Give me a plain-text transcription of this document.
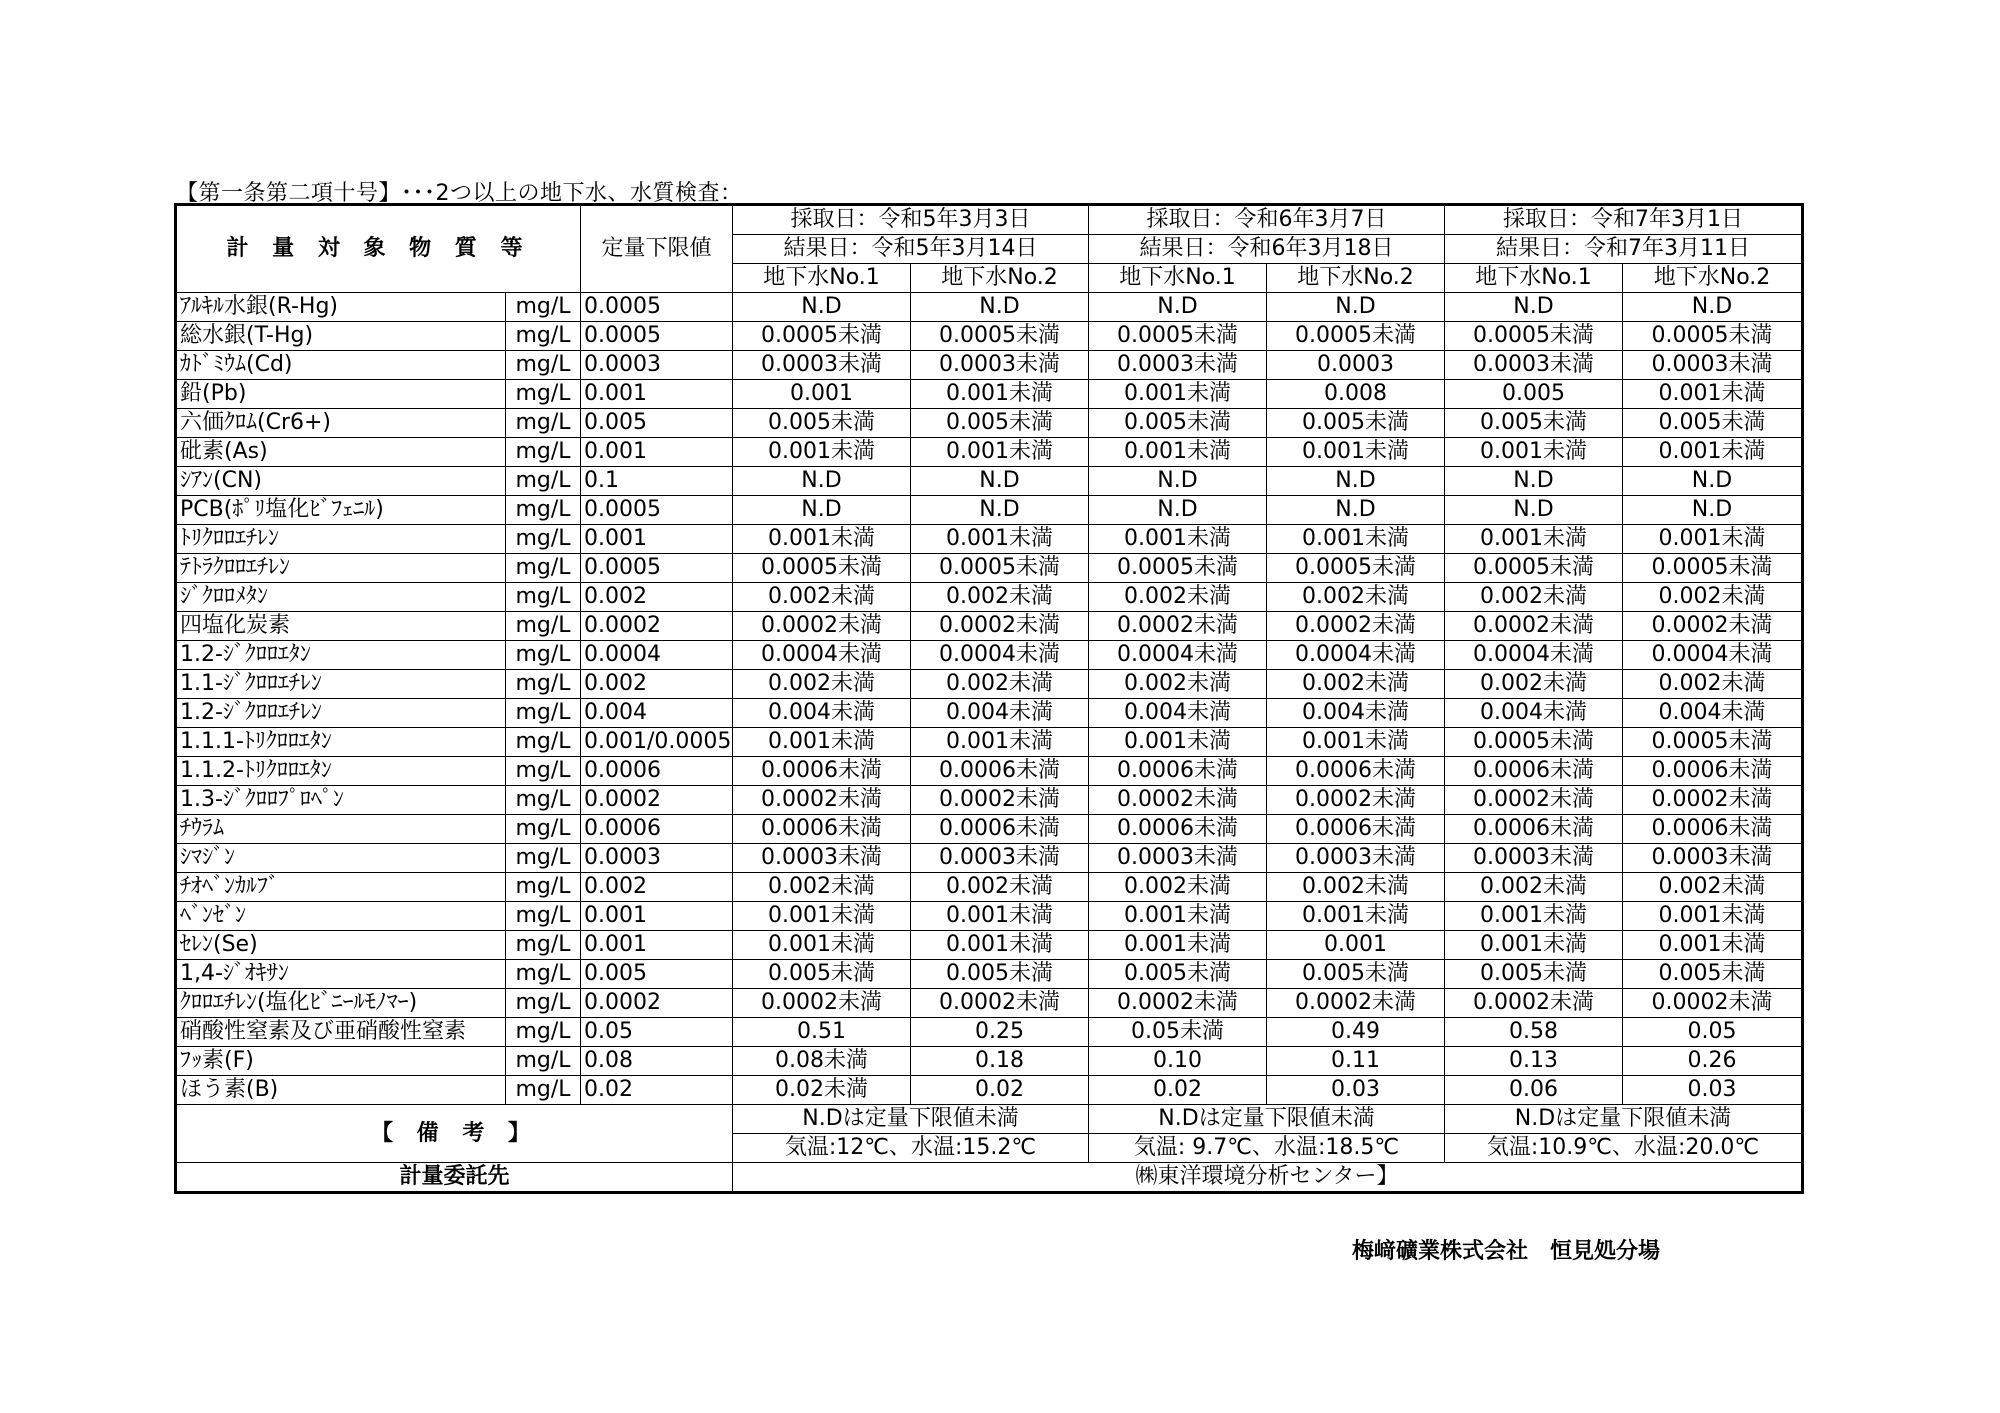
【第一条第二項十号】･･･2つ以上の地下水、水質検査：
計 量 対 象 物 質 等		定量下限値	採取日：令和5年3月3日		採取日：令和6年3月7日		採取日：令和7年3月1日	
			結果日：令和5年3月14日		結果日：令和6年3月18日		結果日：令和7年3月11日	
			地下水No.1	地下水No.2	地下水No.1	地下水No.2	地下水No.1	地下水No.2
ｱﾙｷﾙ水銀(R-Hg)	mg/L	0.0005	N.D	N.D	N.D	N.D	N.D	N.D
総水銀(T-Hg)	mg/L	0.0005	0.0005未満	0.0005未満	0.0005未満	0.0005未満	0.0005未満	0.0005未満
ｶﾄﾞﾐｳﾑ(Cd)	mg/L	0.0003	0.0003未満	0.0003未満	0.0003未満	0.0003	0.0003未満	0.0003未満
鉛(Pb)	mg/L	0.001	0.001	0.001未満	0.001未満	0.008	0.005	0.001未満
六価ｸﾛﾑ(Cr6+)	mg/L	0.005	0.005未満	0.005未満	0.005未満	0.005未満	0.005未満	0.005未満
砒素(As)	mg/L	0.001	0.001未満	0.001未満	0.001未満	0.001未満	0.001未満	0.001未満
ｼｱﾝ(CN)	mg/L	0.1	N.D	N.D	N.D	N.D	N.D	N.D
PCB(ﾎﾟﾘ塩化ﾋﾞﾌｪﾆﾙ)	mg/L	0.0005	N.D	N.D	N.D	N.D	N.D	N.D
ﾄﾘｸﾛﾛｴﾁﾚﾝ	mg/L	0.001	0.001未満	0.001未満	0.001未満	0.001未満	0.001未満	0.001未満
ﾃﾄﾗｸﾛﾛｴﾁﾚﾝ	mg/L	0.0005	0.0005未満	0.0005未満	0.0005未満	0.0005未満	0.0005未満	0.0005未満
ｼﾞｸﾛﾛﾒﾀﾝ	mg/L	0.002	0.002未満	0.002未満	0.002未満	0.002未満	0.002未満	0.002未満
四塩化炭素	mg/L	0.0002	0.0002未満	0.0002未満	0.0002未満	0.0002未満	0.0002未満	0.0002未満
1.2-ｼﾞｸﾛﾛｴﾀﾝ	mg/L	0.0004	0.0004未満	0.0004未満	0.0004未満	0.0004未満	0.0004未満	0.0004未満
1.1-ｼﾞｸﾛﾛｴﾁﾚﾝ	mg/L	0.002	0.002未満	0.002未満	0.002未満	0.002未満	0.002未満	0.002未満
1.2-ｼﾞｸﾛﾛｴﾁﾚﾝ	mg/L	0.004	0.004未満	0.004未満	0.004未満	0.004未満	0.004未満	0.004未満
1.1.1-ﾄﾘｸﾛﾛｴﾀﾝ	mg/L	0.001/0.0005	0.001未満	0.001未満	0.001未満	0.001未満	0.0005未満	0.0005未満
1.1.2-ﾄﾘｸﾛﾛｴﾀﾝ	mg/L	0.0006	0.0006未満	0.0006未満	0.0006未満	0.0006未満	0.0006未満	0.0006未満
1.3-ｼﾞｸﾛﾛﾌﾟﾛﾍﾟﾝ	mg/L	0.0002	0.0002未満	0.0002未満	0.0002未満	0.0002未満	0.0002未満	0.0002未満
ﾁｳﾗﾑ	mg/L	0.0006	0.0006未満	0.0006未満	0.0006未満	0.0006未満	0.0006未満	0.0006未満
ｼﾏｼﾞﾝ	mg/L	0.0003	0.0003未満	0.0003未満	0.0003未満	0.0003未満	0.0003未満	0.0003未満
ﾁｵﾍﾞﾝｶﾙﾌﾞ	mg/L	0.002	0.002未満	0.002未満	0.002未満	0.002未満	0.002未満	0.002未満
ﾍﾞﾝｾﾞﾝ	mg/L	0.001	0.001未満	0.001未満	0.001未満	0.001未満	0.001未満	0.001未満
ｾﾚﾝ(Se)	mg/L	0.001	0.001未満	0.001未満	0.001未満	0.001	0.001未満	0.001未満
1,4-ｼﾞｵｷｻﾝ	mg/L	0.005	0.005未満	0.005未満	0.005未満	0.005未満	0.005未満	0.005未満
ｸﾛﾛｴﾁﾚﾝ(塩化ﾋﾞﾆｰﾙﾓﾉﾏｰ)	mg/L	0.0002	0.0002未満	0.0002未満	0.0002未満	0.0002未満	0.0002未満	0.0002未満
硝酸性窒素及び亜硝酸性窒素	mg/L	0.05	0.51	0.25	0.05未満	0.49	0.58	0.05
ﾌｯ素(F)	mg/L	0.08	0.08未満	0.18	0.10	0.11	0.13	0.26
ほう素(B)	mg/L	0.02	0.02未満	0.02	0.02	0.03	0.06	0.03
【 備 考 】			N.Dは定量下限値未満		N.Dは定量下限値未満		N.Dは定量下限値未満	
			気温:12℃、水温:15.2℃		気温: 9.7℃、水温:18.5℃		気温:10.9℃、水温:20.0℃	
計量委託先			㈱東洋環境分析センター】					
梅﨑礦業株式会社　恒見処分場
